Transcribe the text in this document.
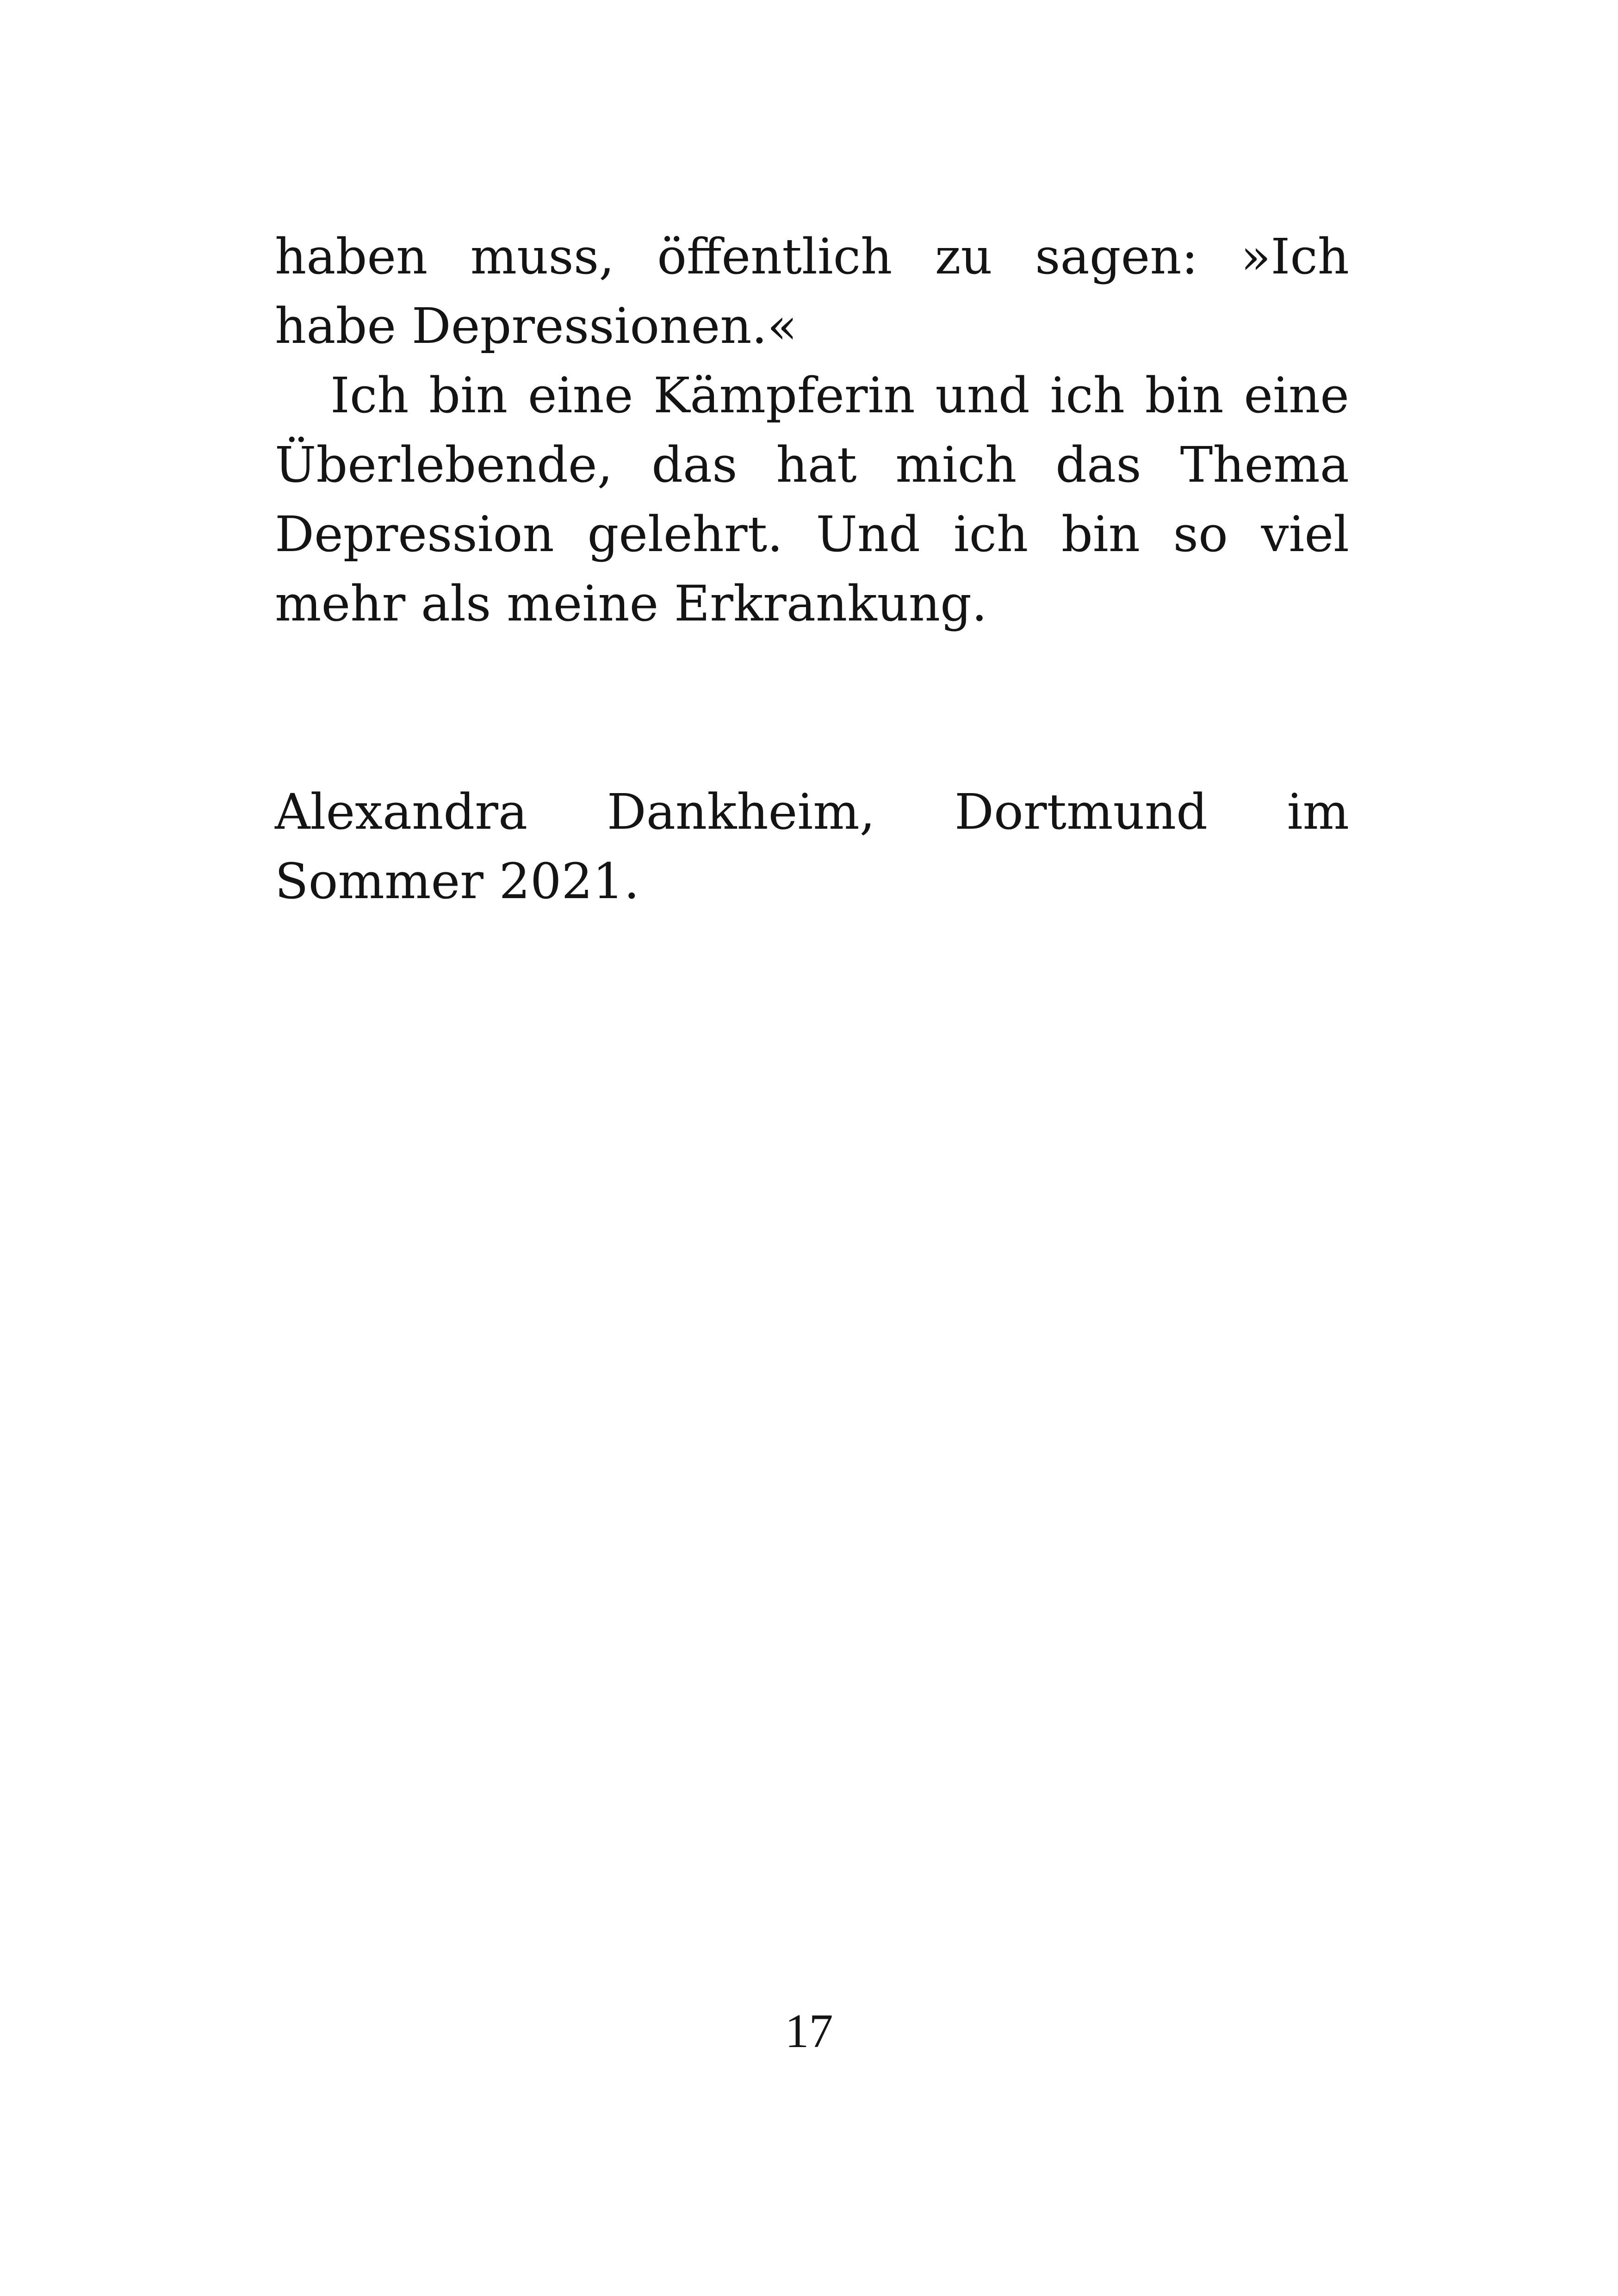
haben muss, öffentlich zu sagen: »Ich habe Depressionen.«

Ich bin eine Kämpferin und ich bin eine Überlebende, das hat mich das Thema Depression gelehrt. Und ich bin so viel mehr als meine Erkrankung.

Alexandra Dankheim, Dortmund im Sommer 2021.

17
